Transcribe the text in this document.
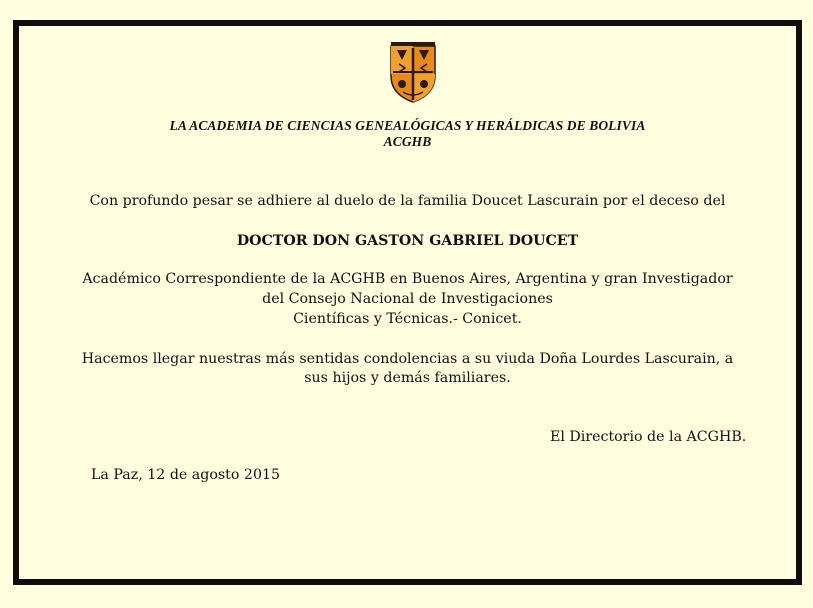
LA ACADEMIA DE CIENCIAS GENEALÓGICAS Y HERÁLDICAS DE BOLIVIA
ACGHB
Con profundo pesar se adhiere al duelo de la familia Doucet Lascurain por el deceso del
DOCTOR DON GASTON GABRIEL DOUCET
Académico Correspondiente de la ACGHB en Buenos Aires, Argentina y gran Investigador
del Consejo Nacional de Investigaciones
Científicas y Técnicas.- Conicet.
Hacemos llegar nuestras más sentidas condolencias a su viuda Doña Lourdes Lascurain, a
sus hijos y demás familiares.
El Directorio de la ACGHB.
La Paz, 12 de agosto 2015
